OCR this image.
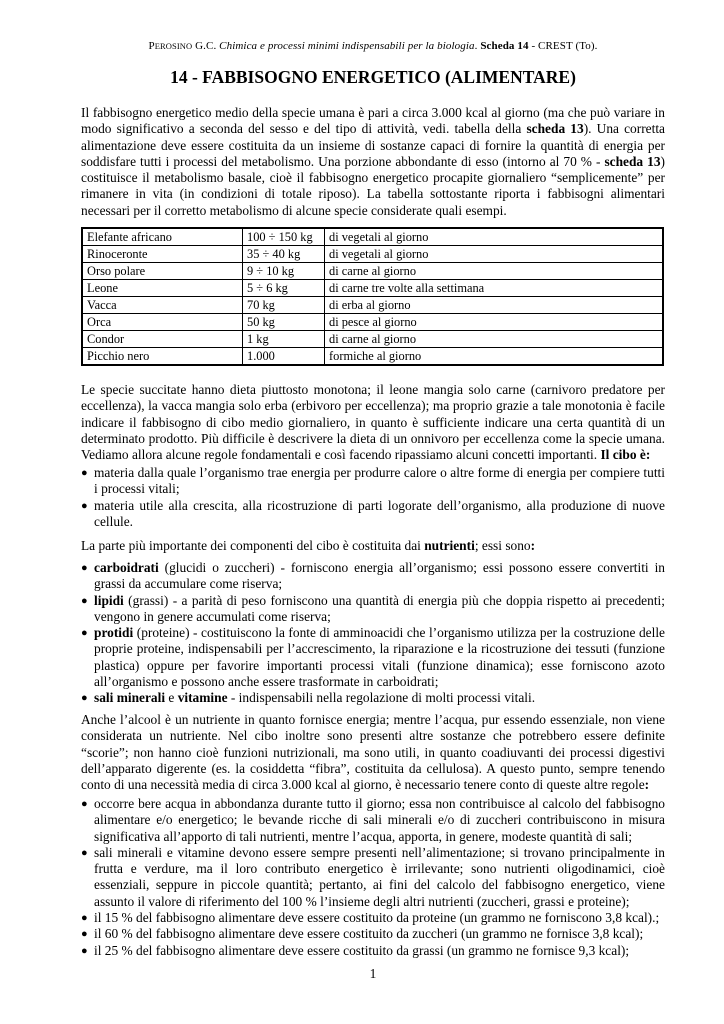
PEROSINO G.C. Chimica e processi minimi indispensabili per la biologia. Scheda 14 - CREST (To).
14 - FABBISOGNO ENERGETICO (ALIMENTARE)

Il fabbisogno energetico medio della specie umana è pari a circa 3.000 kcal al giorno (ma che può variare in modo significativo a seconda del sesso e del tipo di attività, vedi. tabella della scheda 13). Una corretta alimentazione deve essere costituita da un insieme di sostanze capaci di fornire la quantità di energia per soddisfare tutti i processi del metabolismo. Una porzione abbondante di esso (intorno al 70 % - scheda 13) costituisce il metabolismo basale, cioè il fabbisogno energetico procapite giornaliero “semplicemente” per rimanere in vita (in condizioni di totale riposo). La tabella sottostante riporta i fabbisogni alimentari necessari per il corretto metabolismo di alcune specie considerate quali esempi.

Elefante africano	100 ÷ 150 kg	di vegetali al giorno
Rinoceronte	35 ÷ 40 kg	di vegetali al giorno
Orso polare	9 ÷ 10 kg	di carne al giorno
Leone	5 ÷ 6 kg	di carne tre volte alla settimana
Vacca	70 kg	di erba al giorno
Orca	50 kg	di pesce al giorno
Condor	1 kg	di carne al giorno
Picchio nero	1.000	formiche al giorno

Le specie succitate hanno dieta piuttosto monotona; il leone mangia solo carne (carnivoro predatore per eccellenza), la vacca mangia solo erba (erbivoro per eccellenza); ma proprio grazie a tale monotonia è facile indicare il fabbisogno di cibo medio giornaliero, in quanto è sufficiente indicare una certa quantità di un determinato prodotto. Più difficile è descrivere la dieta di un onnivoro per eccellenza come la specie umana. Vediamo allora alcune regole fondamentali e così facendo ripassiamo alcuni concetti importanti. Il cibo è:

● materia dalla quale l’organismo trae energia per produrre calore o altre forme di energia per compiere tutti i processi vitali;
● materia utile alla crescita, alla ricostruzione di parti logorate dell’organismo, alla produzione di nuove cellule.

La parte più importante dei componenti del cibo è costituita dai nutrienti; essi sono:

● carboidrati (glucidi o zuccheri) - forniscono energia all’organismo; essi possono essere convertiti in grassi da accumulare come riserva;
● lipidi (grassi) - a parità di peso forniscono una quantità di energia più che doppia rispetto ai precedenti; vengono in genere accumulati come riserva;
● protidi (proteine) - costituiscono la fonte di amminoacidi che l’organismo utilizza per la costruzione delle proprie proteine, indispensabili per l’accrescimento, la riparazione e la ricostruzione dei tessuti (funzione plastica) oppure per favorire importanti processi vitali (funzione dinamica); esse forniscono azoto all’organismo e possono anche essere trasformate in carboidrati;
● sali minerali e vitamine - indispensabili nella regolazione di molti processi vitali.

Anche l’alcool è un nutriente in quanto fornisce energia; mentre l’acqua, pur essendo essenziale, non viene considerata un nutriente. Nel cibo inoltre sono presenti altre sostanze che potrebbero essere definite “scorie”; non hanno cioè funzioni nutrizionali, ma sono utili, in quanto coadiuvanti dei processi digestivi dell’apparato digerente (es. la cosiddetta “fibra”, costituita da cellulosa). A questo punto, sempre tenendo conto di una necessità media di circa 3.000 kcal al giorno, è necessario tenere conto di queste altre regole:

● occorre bere acqua in abbondanza durante tutto il giorno; essa non contribuisce al calcolo del fabbisogno alimentare e/o energetico; le bevande ricche di sali minerali e/o di zuccheri contribuiscono in misura significativa all’apporto di tali nutrienti, mentre l’acqua, apporta, in genere, modeste quantità di sali;
● sali minerali e vitamine devono essere sempre presenti nell’alimentazione; si trovano principalmente in frutta e verdure, ma il loro contributo energetico è irrilevante; sono nutrienti oligodinamici, cioè essenziali, seppure in piccole quantità; pertanto, ai fini del calcolo del fabbisogno energetico, viene assunto il valore di riferimento del 100 % l’insieme degli altri nutrienti (zuccheri, grassi e proteine);
● il 15 % del fabbisogno alimentare deve essere costituito da proteine (un grammo ne forniscono 3,8 kcal).;
● il 60 % del fabbisogno alimentare deve essere costituito da zuccheri (un grammo ne fornisce 3,8 kcal);
● il 25 % del fabbisogno alimentare deve essere costituito da grassi (un grammo ne fornisce 9,3 kcal);
1
